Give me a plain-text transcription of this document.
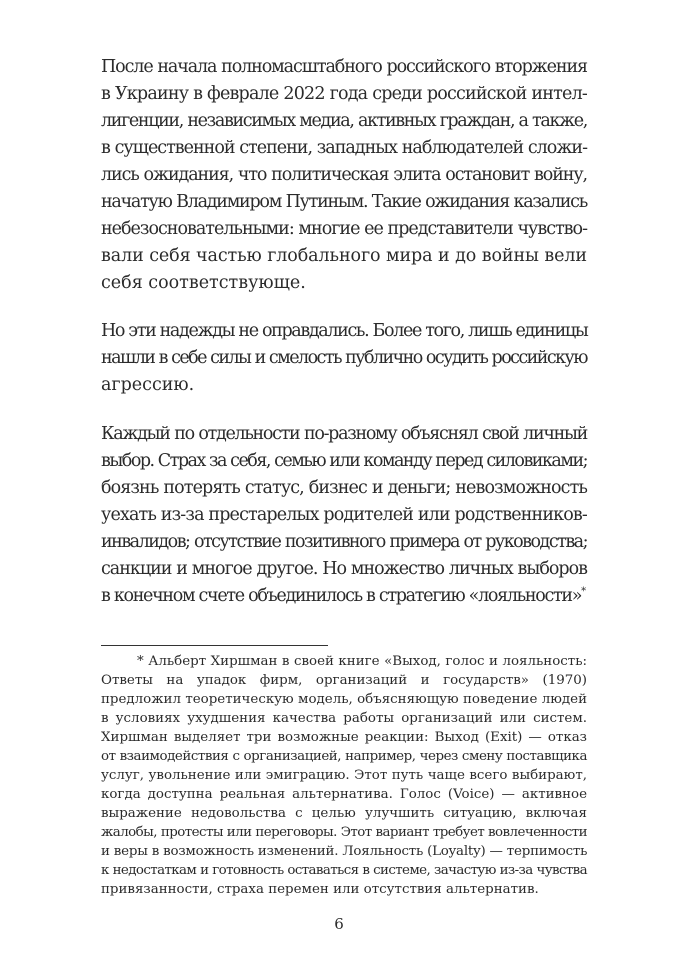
После начала полномасштабного российского вторжения

в Украину в феврале 2022 года среди российской интел-

лигенции, независимых медиа, активных граждан, а также,

в существенной степени, западных наблюдателей сложи-

лись ожидания, что политическая элита остановит войну,

начатую Владимиром Путиным. Такие ожидания казались

небезосновательными: многие ее представители чувство-

вали себя частью глобального мира и до войны вели

себя соответствующе.

Но эти надежды не оправдались. Более того, лишь единицы

нашли в себе силы и смелость публично осудить российскую

агрессию.

Каждый по отдельности по-разному объяснял свой личный

выбор. Страх за себя, семью или команду перед силовиками;

боязнь потерять статус, бизнес и деньги; невозможность

уехать из-за престарелых родителей или родственников-

инвалидов; отсутствие позитивного примера от руководства;

санкции и многое другое. Но множество личных выборов

в конечном счете объединилось в стратегию «лояльности»*

* Альберт Хиршман в своей книге «Выход, голос и лояльность:

Ответы на упадок фирм, организаций и государств» (1970)

предложил теоретическую модель, объясняющую поведение людей

в условиях ухудшения качества работы организаций или систем.

Хиршман выделяет три возможные реакции: Выход (Exit) — отказ

от взаимодействия с организацией, например, через смену поставщика

услуг, увольнение или эмиграцию. Этот путь чаще всего выбирают,

когда доступна реальная альтернатива. Голос (Voice) — активное

выражение недовольства с целью улучшить ситуацию, включая

жалобы, протесты или переговоры. Этот вариант требует вовлеченности

и веры в возможность изменений. Лояльность (Loyalty) — терпимость

к недостаткам и готовность оставаться в системе, зачастую из-за чувства

привязанности, страха перемен или отсутствия альтернатив.

6
